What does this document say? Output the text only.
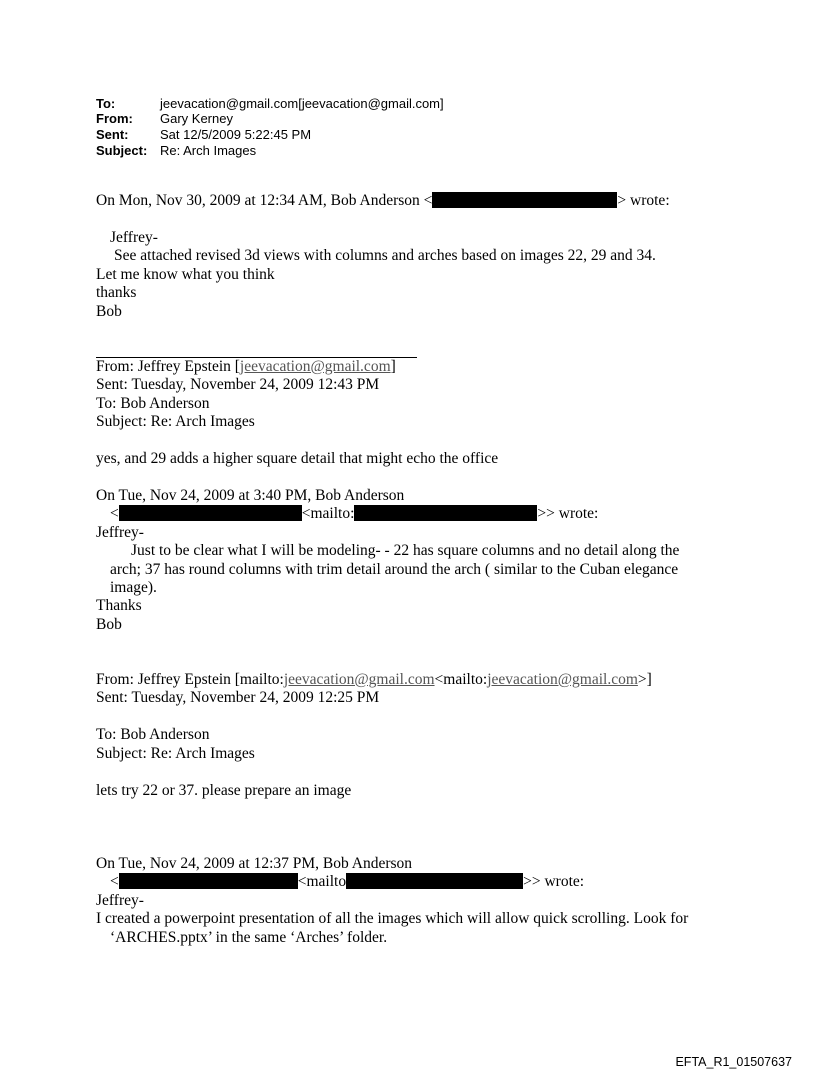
To:	jeevacation@gmail.com[jeevacation@gmail.com]
From: Gary Kerney
Sent: Sat 12/5/2009 5:22:45 PM
Subject: Re: Arch Images
On Mon, Nov 30, 2009 at 12:34 AM, Bob Anderson <	> wrote:
Jeffrey-
See attached revised 3d views with columns and arches based on images 22, 29 and 34.
Let me know what you think
thanks
Bob
From: Jeffrey Epstein [jeevacation@gmail.com]
Sent: Tuesday, November 24, 2009 12:43 PM
To: Bob Anderson
Subject: Re: Arch Images
yes, and 29 adds a higher square detail that might echo the office
On Tue, Nov 24, 2009 at 3:40 PM, Bob Anderson
<	<mailto:	>> wrote:
Jeffrey-
Just to be clear what I will be modeling- - 22 has square columns and no detail along the
arch; 37 has round columns with trim detail around the arch ( similar to the Cuban elegance
image).
Thanks
Bob
From: Jeffrey Epstein [mailto:jeevacation@gmail.com<mailto:jeevacation@gmail.com>]
Sent: Tuesday, November 24, 2009 12:25 PM
To: Bob Anderson
Subject: Re: Arch Images
lets try 22 or 37. please prepare an image
On Tue, Nov 24, 2009 at 12:37 PM, Bob Anderson
<	<mailto	>> wrote:
Jeffrey-
I created a powerpoint presentation of all the images which will allow quick scrolling. Look for
‘ARCHES.pptx’ in the same ‘Arches’ folder.
EFTA_R1_01507637
